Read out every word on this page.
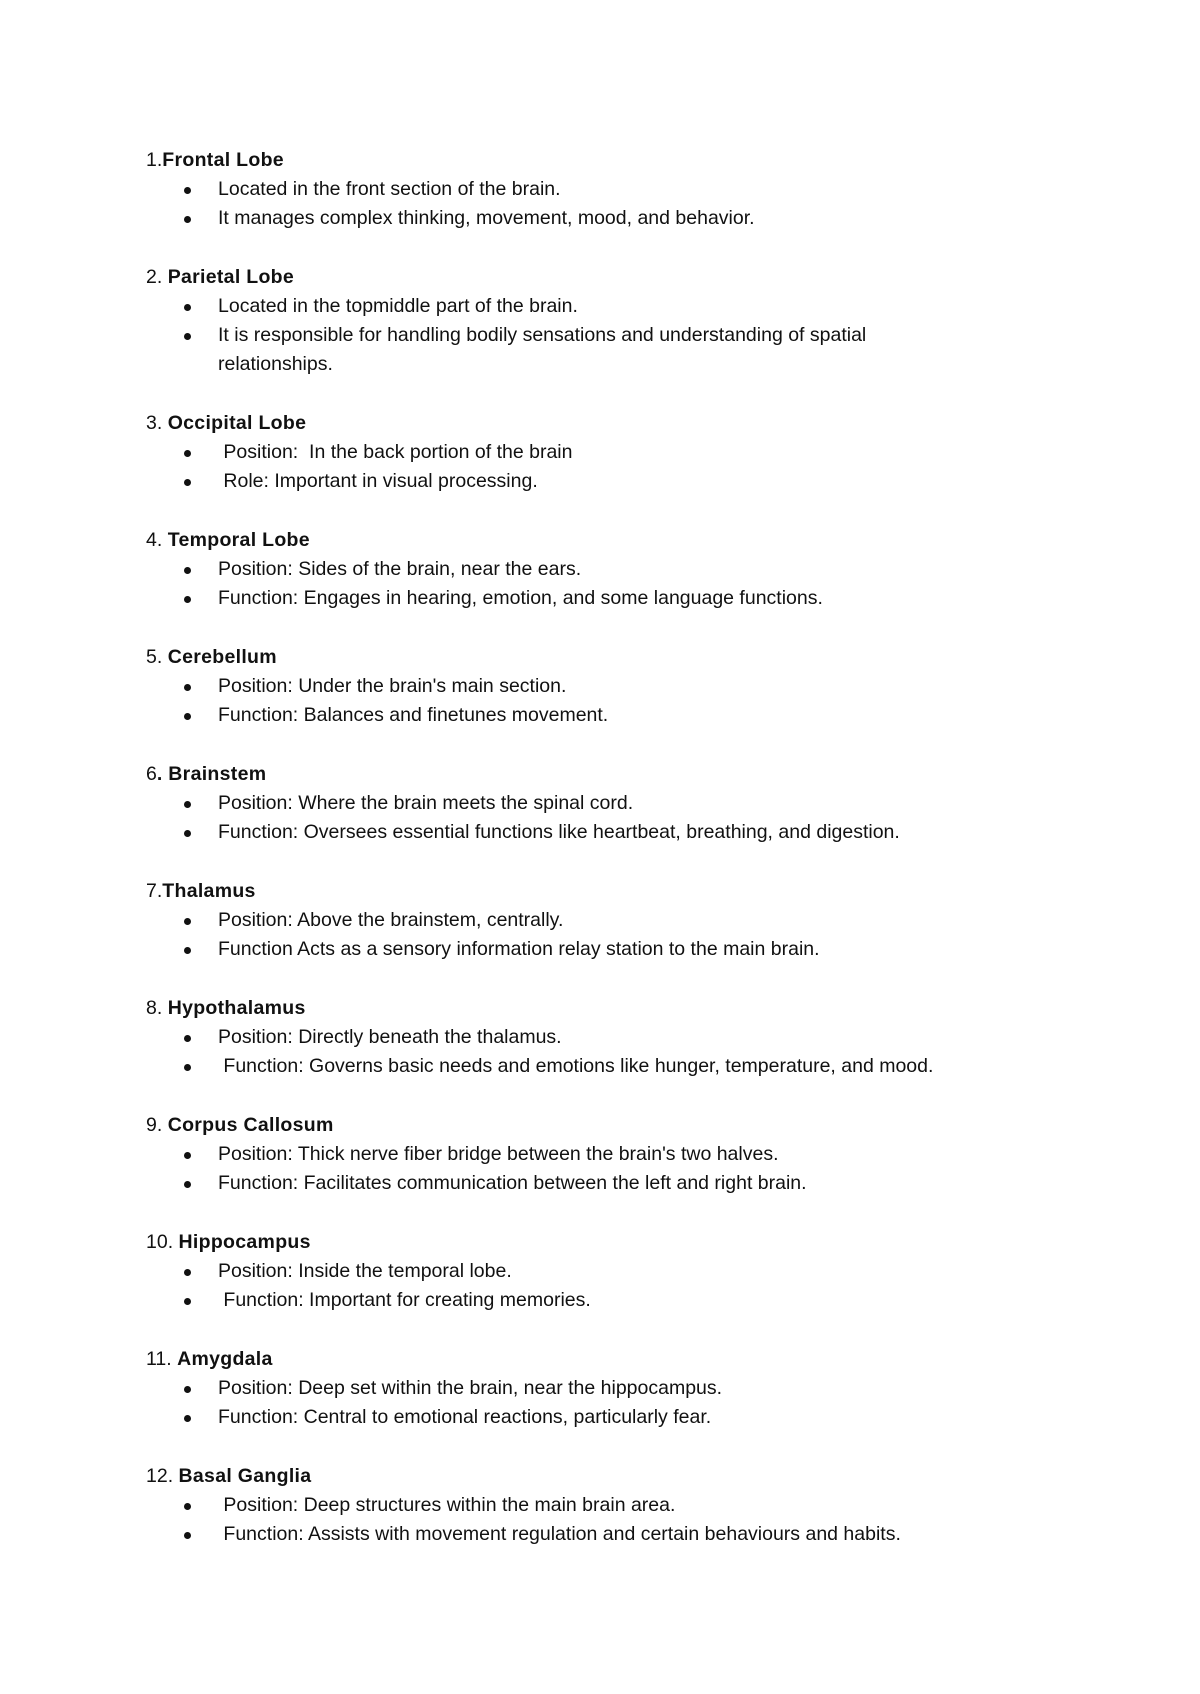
1.Frontal Lobe
Located in the front section of the brain.
It manages complex thinking, movement, mood, and behavior.
2. Parietal Lobe
Located in the topmiddle part of the brain.
It is responsible for handling bodily sensations and understanding of spatial relationships.
3. Occipital Lobe
Position:  In the back portion of the brain
Role: Important in visual processing.
4. Temporal Lobe
Position: Sides of the brain, near the ears.
Function: Engages in hearing, emotion, and some language functions.
5. Cerebellum
Position: Under the brain's main section.
Function: Balances and finetunes movement.
6. Brainstem
Position: Where the brain meets the spinal cord.
Function: Oversees essential functions like heartbeat, breathing, and digestion.
7.Thalamus
Position: Above the brainstem, centrally.
Function Acts as a sensory information relay station to the main brain.
8. Hypothalamus
Position: Directly beneath the thalamus.
Function: Governs basic needs and emotions like hunger, temperature, and mood.
9. Corpus Callosum
Position: Thick nerve fiber bridge between the brain's two halves.
Function: Facilitates communication between the left and right brain.
10. Hippocampus
Position: Inside the temporal lobe.
Function: Important for creating memories.
11. Amygdala
Position: Deep set within the brain, near the hippocampus.
Function: Central to emotional reactions, particularly fear.
12. Basal Ganglia
Position: Deep structures within the main brain area.
Function: Assists with movement regulation and certain behaviours and habits.
